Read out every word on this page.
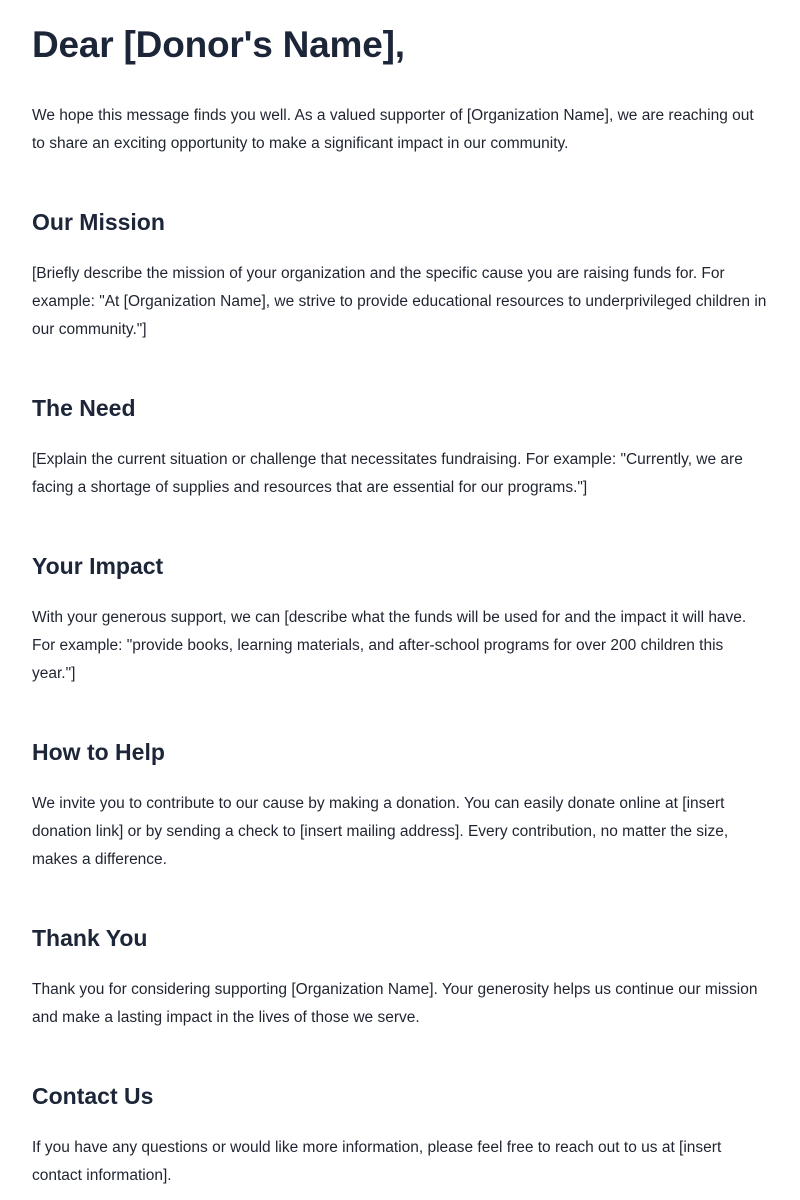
Dear [Donor's Name],

We hope this message finds you well. As a valued supporter of [Organization Name], we are reaching out to share an exciting opportunity to make a significant impact in our community.

Our Mission

[Briefly describe the mission of your organization and the specific cause you are raising funds for. For example: "At [Organization Name], we strive to provide educational resources to underprivileged children in our community."]

The Need

[Explain the current situation or challenge that necessitates fundraising. For example: "Currently, we are facing a shortage of supplies and resources that are essential for our programs."]

Your Impact

With your generous support, we can [describe what the funds will be used for and the impact it will have. For example: "provide books, learning materials, and after-school programs for over 200 children this year."]

How to Help

We invite you to contribute to our cause by making a donation. You can easily donate online at [insert donation link] or by sending a check to [insert mailing address]. Every contribution, no matter the size, makes a difference.

Thank You

Thank you for considering supporting [Organization Name]. Your generosity helps us continue our mission and make a lasting impact in the lives of those we serve.

Contact Us

If you have any questions or would like more information, please feel free to reach out to us at [insert contact information].
